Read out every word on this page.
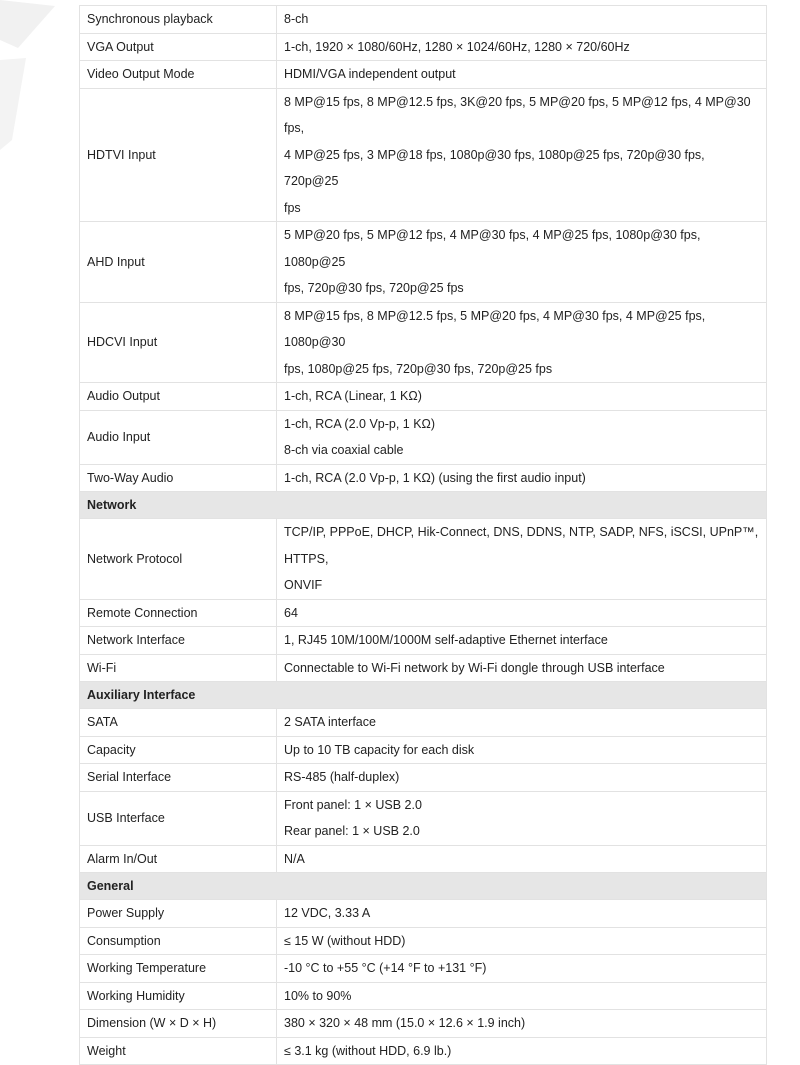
Synchronous playback	8-ch

VGA Output	1-ch, 1920 × 1080/60Hz, 1280 × 1024/60Hz, 1280 × 720/60Hz

Video Output Mode	HDMI/VGA independent output

HDTVI Input	8 MP@15 fps, 8 MP@12.5 fps, 3K@20 fps, 5 MP@20 fps, 5 MP@12 fps, 4 MP@30 fps,
4 MP@25 fps, 3 MP@18 fps, 1080p@30 fps, 1080p@25 fps, 720p@30 fps, 720p@25
fps

AHD Input	5 MP@20 fps, 5 MP@12 fps, 4 MP@30 fps, 4 MP@25 fps, 1080p@30 fps, 1080p@25
fps, 720p@30 fps, 720p@25 fps

HDCVI Input	8 MP@15 fps, 8 MP@12.5 fps, 5 MP@20 fps, 4 MP@30 fps, 4 MP@25 fps, 1080p@30
fps, 1080p@25 fps, 720p@30 fps, 720p@25 fps

Audio Output	1-ch, RCA (Linear, 1 KΩ)

Audio Input	1-ch, RCA (2.0 Vp-p, 1 KΩ)
8-ch via coaxial cable

Two-Way Audio	1-ch, RCA (2.0 Vp-p, 1 KΩ) (using the first audio input)

Network	
Network Protocol	TCP/IP, PPPoE, DHCP, Hik-Connect, DNS, DDNS, NTP, SADP, NFS, iSCSI, UPnP™, HTTPS,
ONVIF

Remote Connection	64

Network Interface	1, RJ45 10M/100M/1000M self-adaptive Ethernet interface

Wi-Fi	Connectable to Wi-Fi network by Wi-Fi dongle through USB interface

Auxiliary Interface	
SATA	2 SATA interface

Capacity	Up to 10 TB capacity for each disk

Serial Interface	RS-485 (half-duplex)

USB Interface	Front panel: 1 × USB 2.0
Rear panel: 1 × USB 2.0

Alarm In/Out	N/A

General	
Power Supply	12 VDC, 3.33 A

Consumption	≤ 15 W (without HDD)

Working Temperature	-10 °C to +55 °C (+14 °F to +131 °F)

Working Humidity	10% to 90%

Dimension (W × D × H)	380 × 320 × 48 mm (15.0 × 12.6 × 1.9 inch)

Weight	≤ 3.1 kg (without HDD, 6.9 lb.)
